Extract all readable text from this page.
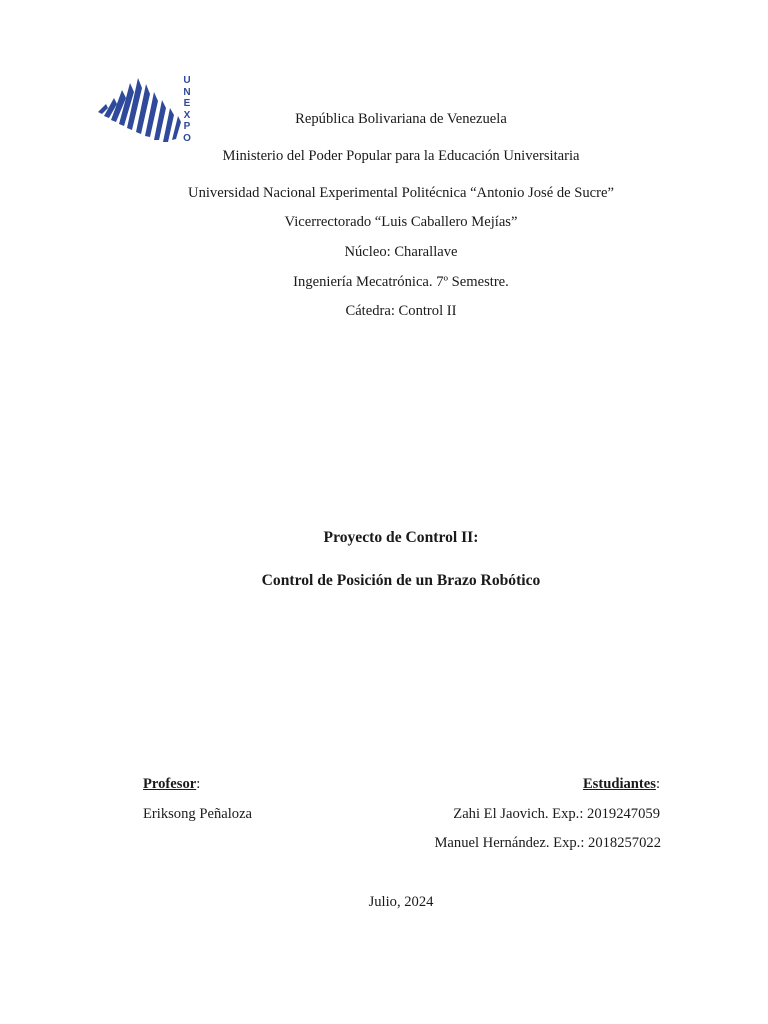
U
N
E
X
P
O
República Bolivariana de Venezuela
Ministerio del Poder Popular para la Educación Universitaria
Universidad Nacional Experimental Politécnica “Antonio José de Sucre”
Vicerrectorado “Luis Caballero Mejías”
Núcleo: Charallave
Ingeniería Mecatrónica. 7º Semestre.
Cátedra: Control II
Proyecto de Control II:
Control de Posición de un Brazo Robótico
Profesor:
Eriksong Peñaloza
Estudiantes:
Zahi El Jaovich. Exp.: 2019247059
Manuel Hernández. Exp.: 2018257022
Julio, 2024
